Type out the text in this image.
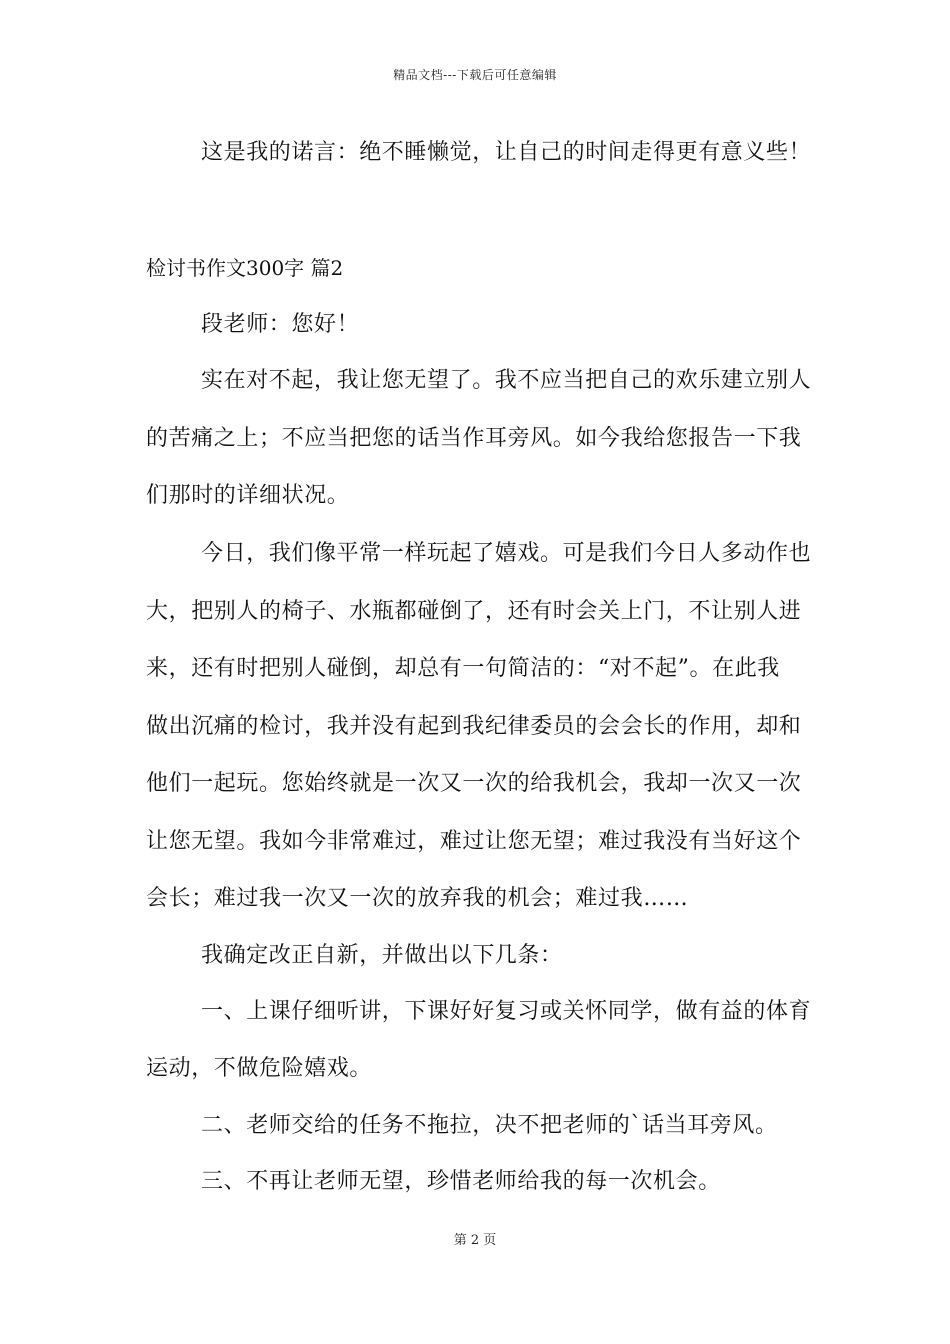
精品文档---下载后可任意编辑
这是我的诺言：绝不睡懒觉，让自己的时间走得更有意义些！
检讨书作文300字 篇2
段老师：您好！
实在对不起，我让您无望了。我不应当把自己的欢乐建立别人
的苦痛之上；不应当把您的话当作耳旁风。如今我给您报告一下我
们那时的详细状况。
今日，我们像平常一样玩起了嬉戏。可是我们今日人多动作也
大，把别人的椅子、水瓶都碰倒了，还有时会关上门，不让别人进
来，还有时把别人碰倒，却总有一句简洁的：“对不起”。在此我
做出沉痛的检讨，我并没有起到我纪律委员的会会长的作用，却和
他们一起玩。您始终就是一次又一次的给我机会，我却一次又一次
让您无望。我如今非常难过，难过让您无望；难过我没有当好这个
会长；难过我一次又一次的放弃我的机会；难过我……
我确定改正自新，并做出以下几条：
一、上课仔细听讲，下课好好复习或关怀同学，做有益的体育
运动，不做危险嬉戏。
二、老师交给的任务不拖拉，决不把老师的`话当耳旁风。
三、不再让老师无望，珍惜老师给我的每一次机会。
第 2 页
